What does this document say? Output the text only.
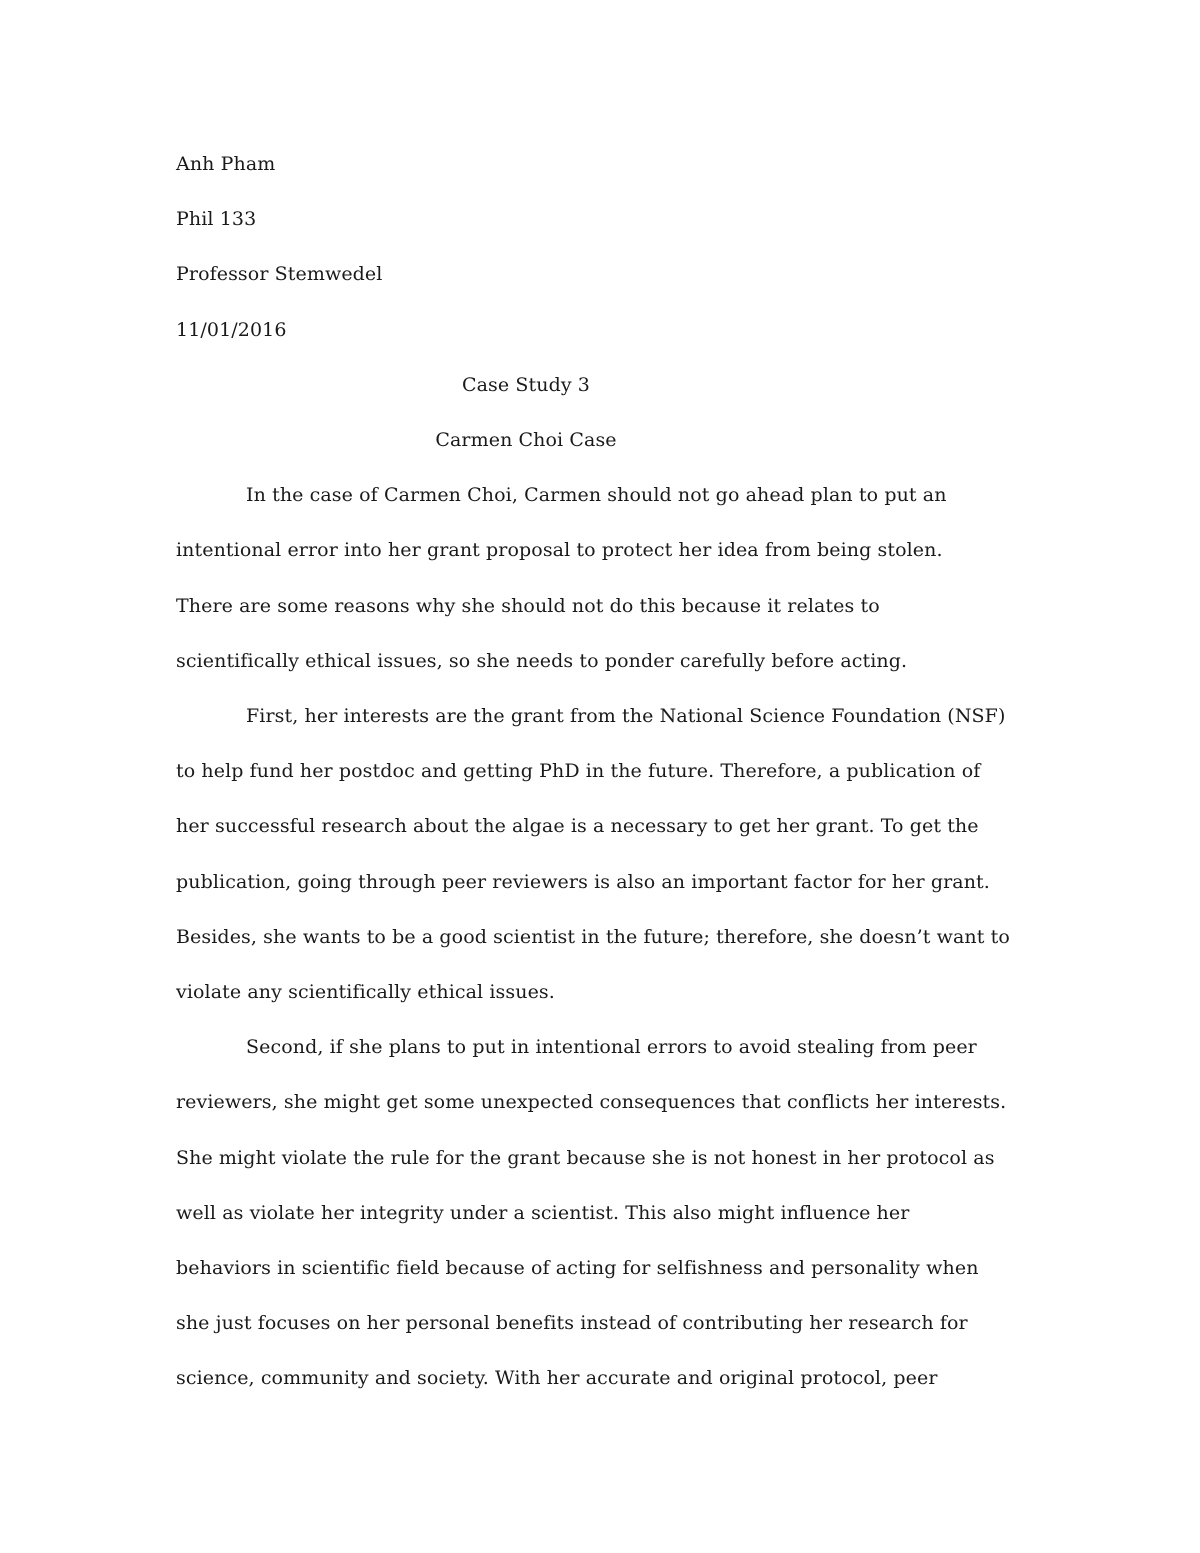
Anh Pham
Phil 133
Professor Stemwedel
11/01/2016
Case Study 3
Carmen Choi Case
In the case of Carmen Choi, Carmen should not go ahead plan to put an
intentional error into her grant proposal to protect her idea from being stolen.
There are some reasons why she should not do this because it relates to
scientifically ethical issues, so she needs to ponder carefully before acting.
First, her interests are the grant from the National Science Foundation (NSF)
to help fund her postdoc and getting PhD in the future. Therefore, a publication of
her successful research about the algae is a necessary to get her grant. To get the
publication, going through peer reviewers is also an important factor for her grant.
Besides, she wants to be a good scientist in the future; therefore, she doesn’t want to
violate any scientifically ethical issues.
Second, if she plans to put in intentional errors to avoid stealing from peer
reviewers, she might get some unexpected consequences that conflicts her interests.
She might violate the rule for the grant because she is not honest in her protocol as
well as violate her integrity under a scientist. This also might influence her
behaviors in scientific field because of acting for selfishness and personality when
she just focuses on her personal benefits instead of contributing her research for
science, community and society. With her accurate and original protocol, peer
